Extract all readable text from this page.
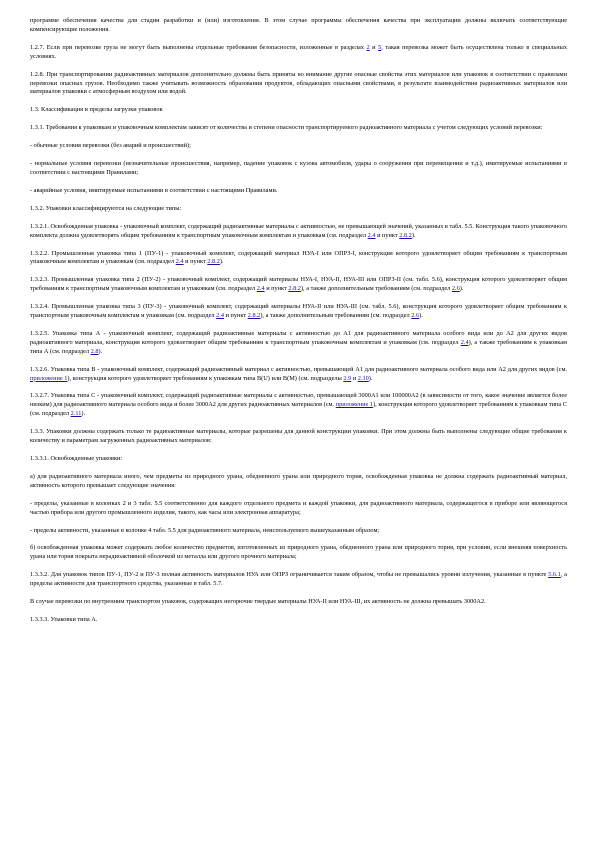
программе обеспечения качества для стадии разработки и (или) изготовления. В этом случае программы обеспечения качества при эксплуатации должны включать соответствующие компенсирующие положения.

1.2.7. Если при перевозке груза не могут быть выполнены отдельные требования безопасности, изложенные в разделах 2 и 5, такая перевозка может быть осуществлена только в специальных условиях.

1.2.8. При транспортировании радиоактивных материалов дополнительно должны быть приняты во внимание другие опасные свойства этих материалов или упаковок в соответствии с правилами перевозки опасных грузов. Необходимо также учитывать возможность образования продуктов, обладающих опасными свойствами, в результате взаимодействия радиоактивных материалов или материалов упаковки с атмосферным воздухом или водой.

1.3. Классификация и пределы загрузки упаковок

1.3.1. Требования к упаковкам и упаковочным комплектам зависят от количества и степени опасности транспортируемого радиоактивного материала с учетом следующих условий перевозки:

- обычные условия перевозки (без аварий и происшествий);

- нормальные условия перевозки (незначительные происшествия, например, падение упаковок с кузова автомобиля, удары о сооружения при перемещении и т.д.), имитируемые испытаниями в соответствии с настоящими Правилами;

- аварийные условия, имитируемые испытаниями в соответствии с настоящими Правилами.

1.3.2. Упаковки классифицируются на следующие типы:

1.3.2.1. Освобожденная упаковка - упаковочный комплект, содержащий радиоактивные материалы с активностью, не превышающей значений, указанных в табл. 5.5. Конструкция такого упаковочного комплекта должна удовлетворять общим требованиям к транспортным упаковочным комплектам и упаковкам (см. подраздел 2.4 и пункт 2.8.2).

1.3.2.2. Промышленная упаковка типа 1 (ПУ-1) - упаковочный комплект, содержащий материал НУА-I или ОПРЗ-I, конструкция которого удовлетворяет общим требованиям к транспортным упаковочным комплектам и упаковкам (см. подраздел 2.4 и пункт 2.8.2).

1.3.2.3. Промышленная упаковка типа 2 (ПУ-2) - упаковочный комплект, содержащий материалы НУА-I, НУА-II, НУА-III или ОПРЗ-II (см. табл. 5.6), конструкция которого удовлетворяет общим требованиям к транспортным упаковочным комплектам и упаковкам (см. подраздел 2.4 и пункт 2.8.2), а также дополнительным требованиям (см. подраздел 2.6).

1.3.2.4. Промышленная упаковка типа 3 (ПУ-3) - упаковочный комплект, содержащий материалы НУА-II или НУА-III (см. табл. 5.6), конструкция которого удовлетворяет общим требованиям к транспортным упаковочным комплектам и упаковкам (см. подраздел 2.4 и пункт 2.8.2), а также дополнительным требованиям (см. подраздел 2.6).

1.3.2.5. Упаковка типа А - упаковочный комплект, содержащий радиоактивные материалы с активностью до А1 для радиоактивного материала особого вида или до А2 для других видов радиоактивного материала, конструкция которого удовлетворяет общим требованиям к транспортным упаковочным комплектам и упаковкам (см. подраздел 2.4), а также требованиям к упаковкам типа А (см. подраздел 2.8).

1.3.2.6. Упаковка типа В - упаковочный комплект, содержащий радиоактивный материал с активностью, превышающей А1 для радиоактивного материала особого вида или А2 для других видов (см. приложение 1), конструкция которого удовлетворяет требованиям к упаковкам типа В(U) или В(М) (см. подразделы 2.9 и 2.10).

1.3.2.7. Упаковка типа С - упаковочный комплект, содержащий радиоактивные материалы с активностью, превышающей 3000А1 или 100000А2 (в зависимости от того, какое значение является более низким) для радиоактивного материала особого вида и более 3000А2 для других радиоактивных материалов (см. приложение 1), конструкция которого удовлетворяет требованиям к упаковкам типа С (см. подраздел 2.11).

1.3.3. Упаковки должны содержать только те радиоактивные материалы, которые разрешены для данной конструкции упаковки. При этом должны быть выполнены следующие общие требования к количеству и параметрам загруженных радиоактивных материалов:

1.3.3.1. Освобожденные упаковки:

а) для радиоактивного материала иного, чем предметы из природного урана, обедненного урана или природного тория, освобожденная упаковка не должна содержать радиоактивный материал, активность которого превышает следующие значения:

- пределы, указанные в колонках 2 и 3 табл. 5.5 соответственно для каждого отдельного предмета и каждой упаковки, для радиоактивного материала, содержащегося в приборе или являющегося частью прибора или другого промышленного изделия, такого, как часы или электронная аппаратура;

- пределы активности, указанные в колонке 4 табл. 5.5 для радиоактивного материала, неиспользуемого вышеуказанным образом;

б) освобожденная упаковка может содержать любое количество предметов, изготовленных из природного урана, обедненного урана или природного тория, при условии, если внешняя поверхность урана или тория покрыта нерадиоактивной оболочкой из металла или другого прочного материала;

1.3.3.2. Для упаковок типов ПУ-1, ПУ-2 и ПУ-3 полная активность материалов НУА или ОПРЗ ограничивается таким образом, чтобы не превышались уровни излучения, указанные в пункте 5.6.1, а пределы активности для транспортного средства, указанные в табл. 5.7.

В случае перевозки по внутренним транспортом упаковок, содержащих негорючие твердые материалы НУА-II или НУА-III, их активность не должна превышать 3000А2.

1.3.3.3. Упаковки типа А.
